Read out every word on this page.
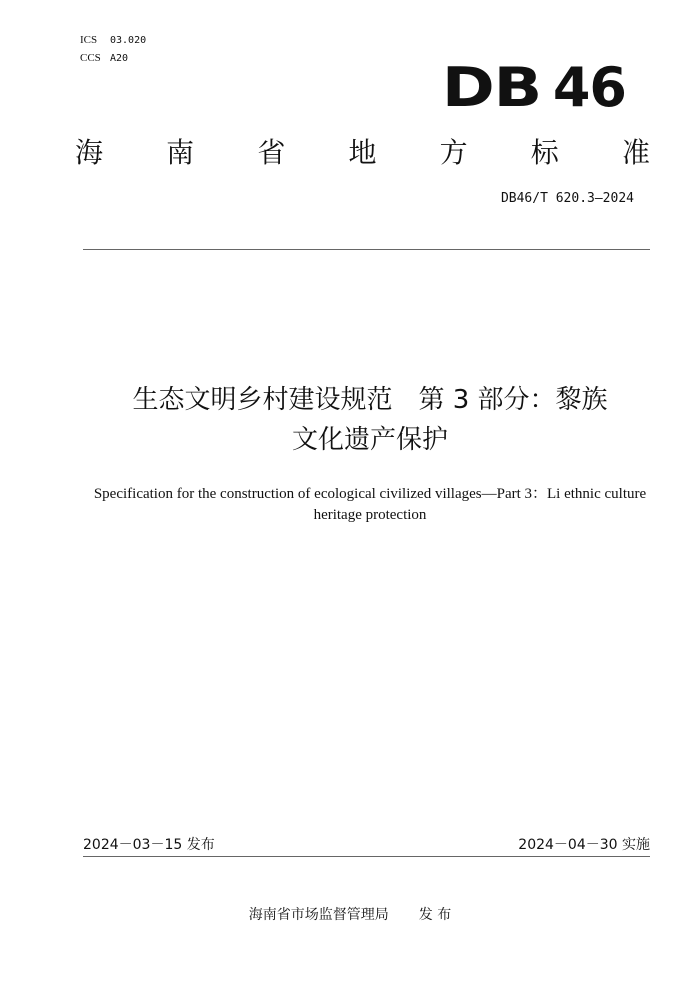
ICS 03.020
CCS A20	DB 46
海 南 省 地 方 标 准
DB46/T 620.3—2024
生态文明乡村建设规范　第 3 部分：黎族
文化遗产保护
Specification for the construction of ecological civilized villages—Part 3：Li ethnic culture heritage protection
2024－03－15 发布	2024－04－30 实施
海南省市场监督管理局 发 布
